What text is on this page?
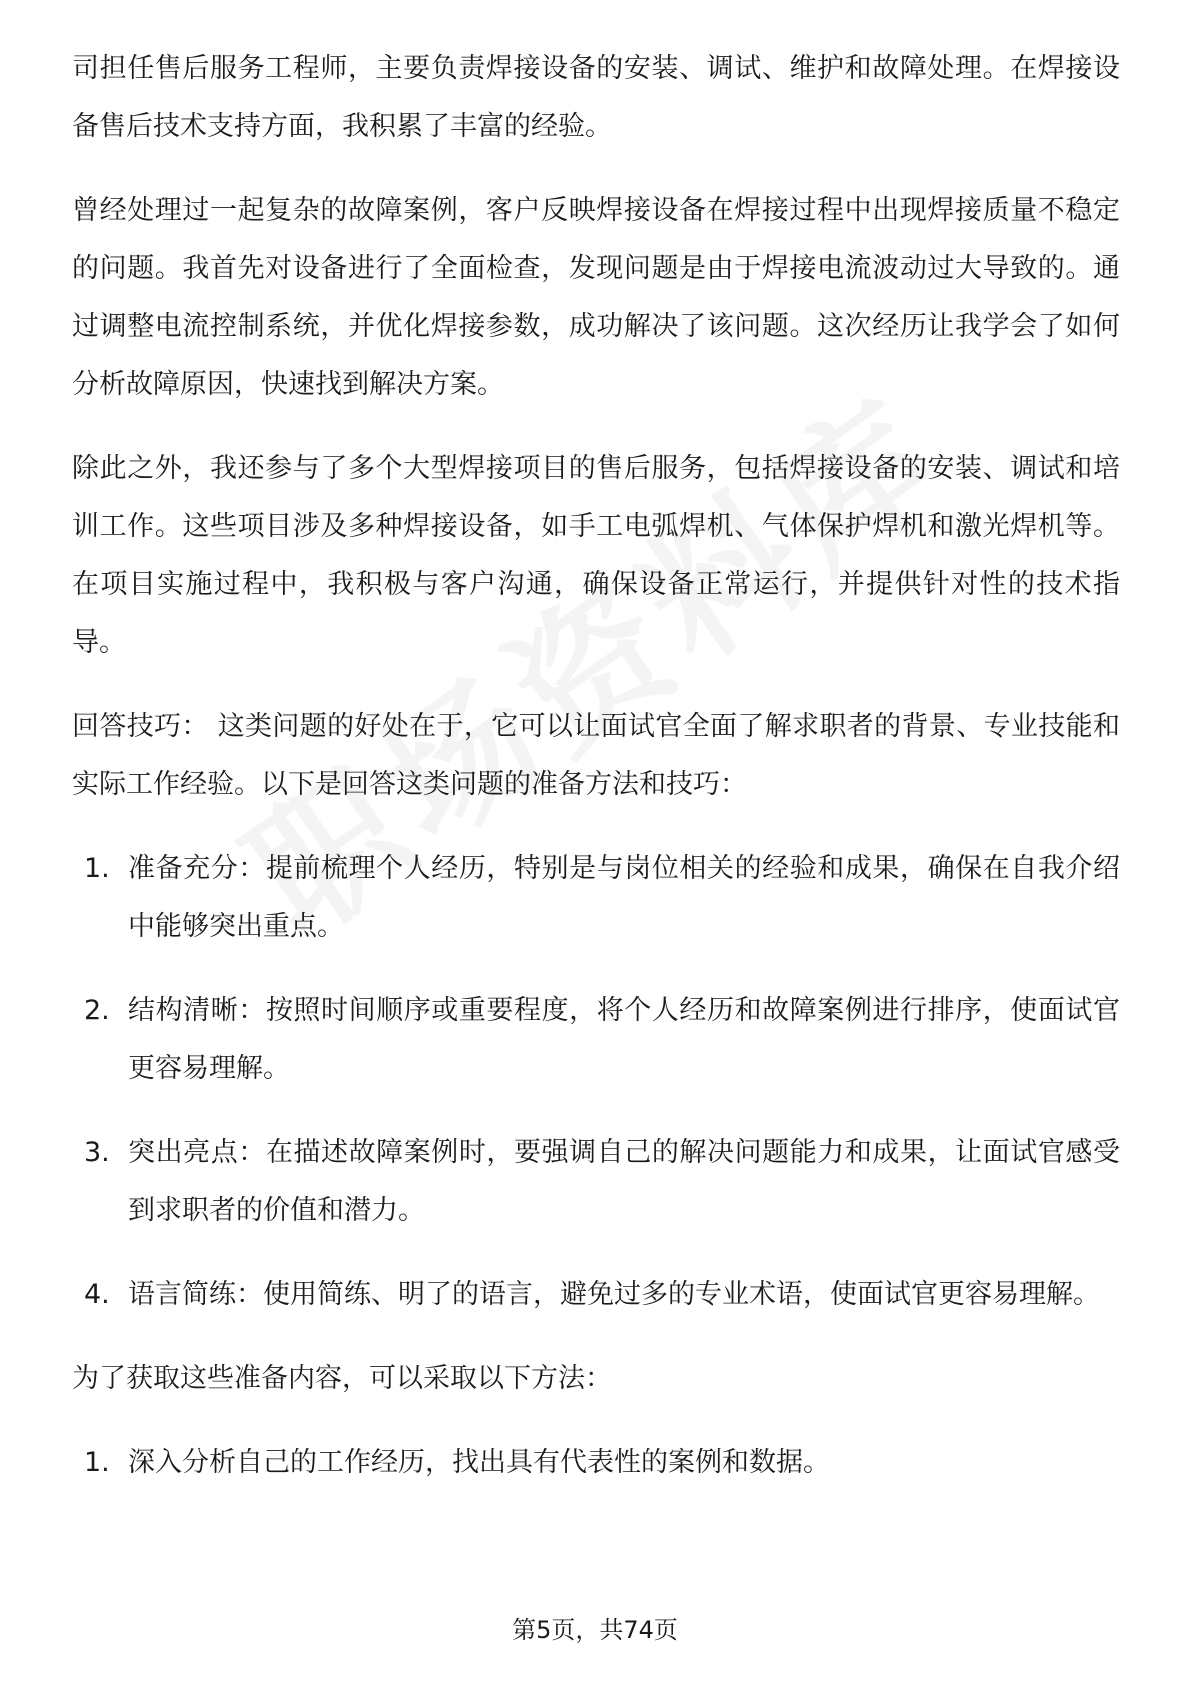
司担任售后服务工程师，主要负责焊接设备的安装、调试、维护和故障处理。在焊接设备售后技术支持方面，我积累了丰富的经验。

曾经处理过一起复杂的故障案例，客户反映焊接设备在焊接过程中出现焊接质量不稳定的问题。我首先对设备进行了全面检查，发现问题是由于焊接电流波动过大导致的。通过调整电流控制系统，并优化焊接参数，成功解决了该问题。这次经历让我学会了如何分析故障原因，快速找到解决方案。

除此之外，我还参与了多个大型焊接项目的售后服务，包括焊接设备的安装、调试和培训工作。这些项目涉及多种焊接设备，如手工电弧焊机、气体保护焊机和激光焊机等。在项目实施过程中，我积极与客户沟通，确保设备正常运行，并提供针对性的技术指导。

回答技巧： 这类问题的好处在于，它可以让面试官全面了解求职者的背景、专业技能和实际工作经验。以下是回答这类问题的准备方法和技巧：

1. 准备充分：提前梳理个人经历，特别是与岗位相关的经验和成果，确保在自我介绍中能够突出重点。
2. 结构清晰：按照时间顺序或重要程度，将个人经历和故障案例进行排序，使面试官更容易理解。
3. 突出亮点：在描述故障案例时，要强调自己的解决问题能力和成果，让面试官感受到求职者的价值和潜力。
4. 语言简练：使用简练、明了的语言，避免过多的专业术语，使面试官更容易理解。

为了获取这些准备内容，可以采取以下方法：

1. 深入分析自己的工作经历，找出具有代表性的案例和数据。
第5页，共74页
